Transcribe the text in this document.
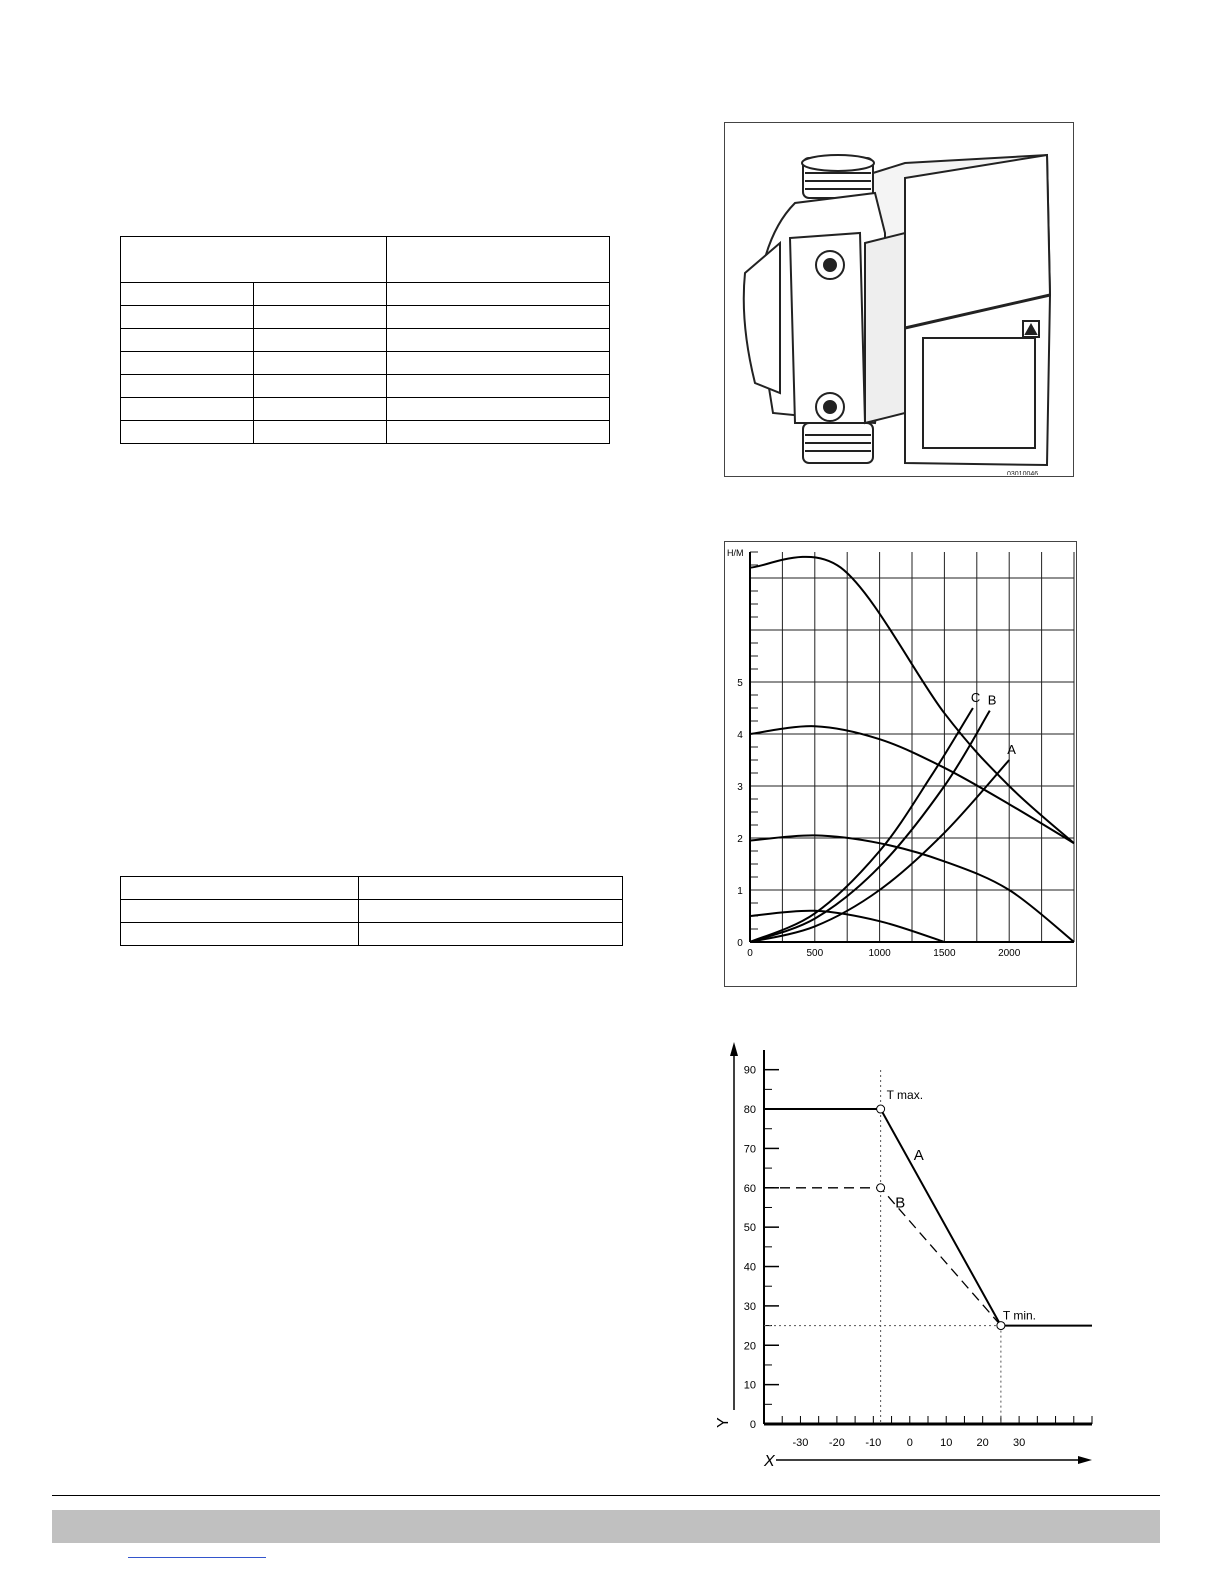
03010046
0	500	1000	1500	2000
0
1
2
3
4
5
H/M
A
B
C
Y
X
0
10
20
30
40
50
60
70
80
90
-30 -20 -10 0 10 20 30
T max.
T min.
A
B
